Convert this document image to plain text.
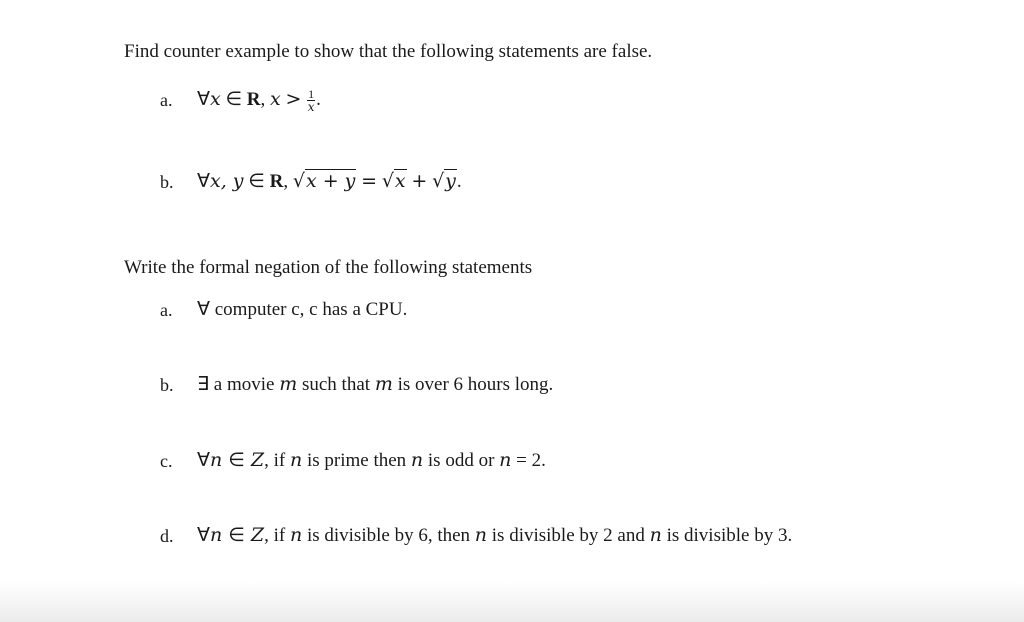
Find counter example to show that the following statements are false.
a. ∀x ∈ R, $x > \frac{1}{x}$ .
b. ∀x, y ∈ R, √x + y = √x + √y.
Write the formal negation of the following statements
a. ∀ computer c, c has a CPU.
b. ∃ a movie m such that m is over 6 hours long.
c. ∀n ∈ Z, if n is prime then n is odd or n = 2.
d. ∀n ∈ Z, if n is divisible by 6, then n is divisible by 2 and n is divisible by 3.
